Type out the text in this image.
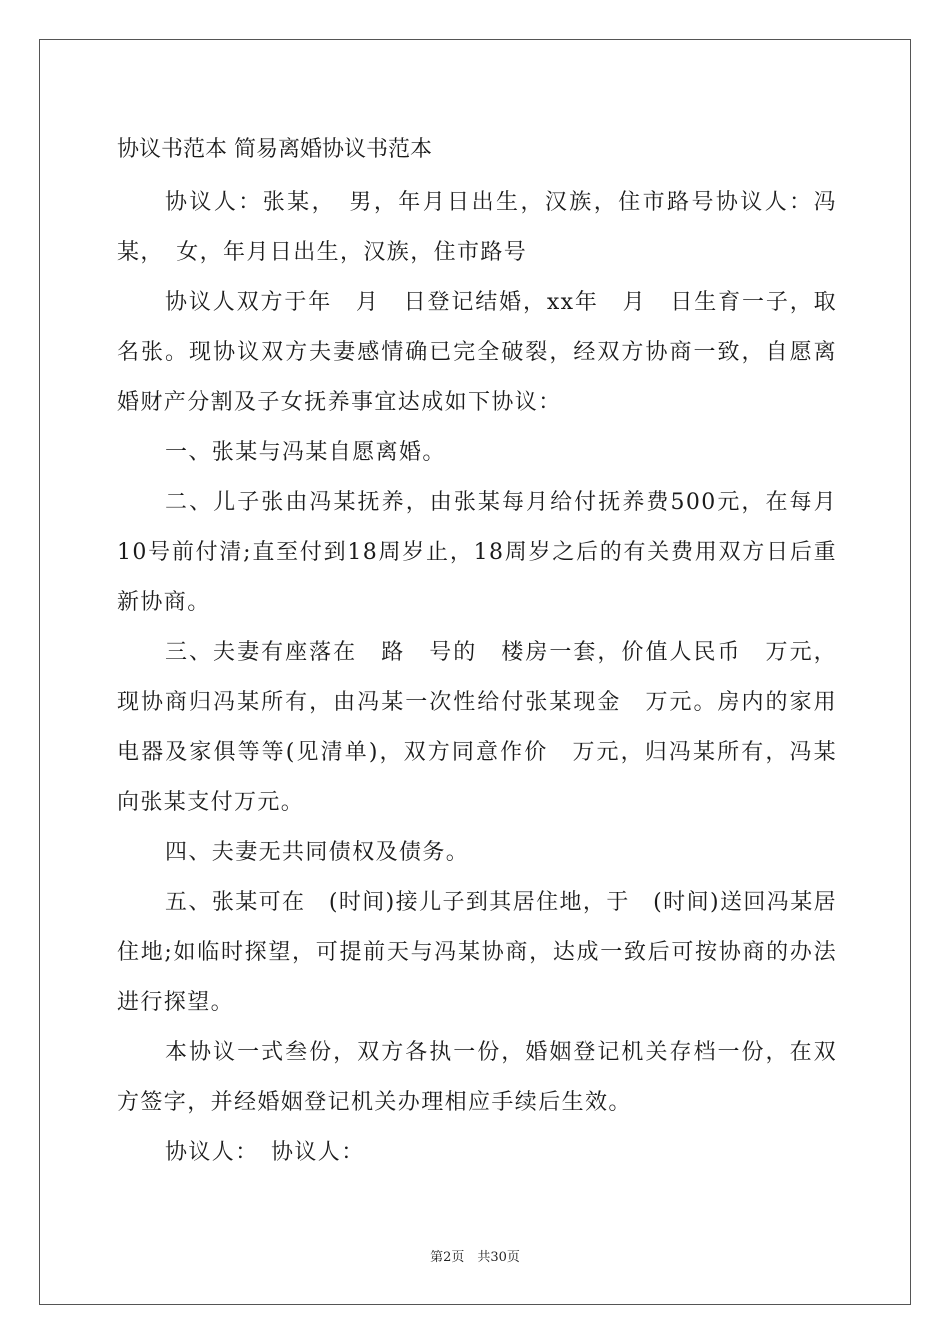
协议书范本 简易离婚协议书范本

协议人：张某，　男，年月日出生，汉族，住市路号协议人：冯某，　女，年月日出生，汉族，住市路号

协议人双方于年　月　日登记结婚，xx年　月　日生育一子，取名张。现协议双方夫妻感情确已完全破裂，经双方协商一致，自愿离婚财产分割及子女抚养事宜达成如下协议：

一、张某与冯某自愿离婚。

二、儿子张由冯某抚养，由张某每月给付抚养费500元，在每月10号前付清;直至付到18周岁止，18周岁之后的有关费用双方日后重新协商。

三、夫妻有座落在　路　号的　楼房一套，价值人民币　万元，现协商归冯某所有，由冯某一次性给付张某现金　万元。房内的家用电器及家俱等等(见清单)，双方同意作价　万元，归冯某所有，冯某向张某支付万元。

四、夫妻无共同债权及债务。

五、张某可在　(时间)接儿子到其居住地，于　(时间)送回冯某居住地;如临时探望，可提前天与冯某协商，达成一致后可按协商的办法进行探望。

本协议一式叁份，双方各执一份，婚姻登记机关存档一份，在双方签字，并经婚姻登记机关办理相应手续后生效。

协议人：　协议人：

第2页　共30页
